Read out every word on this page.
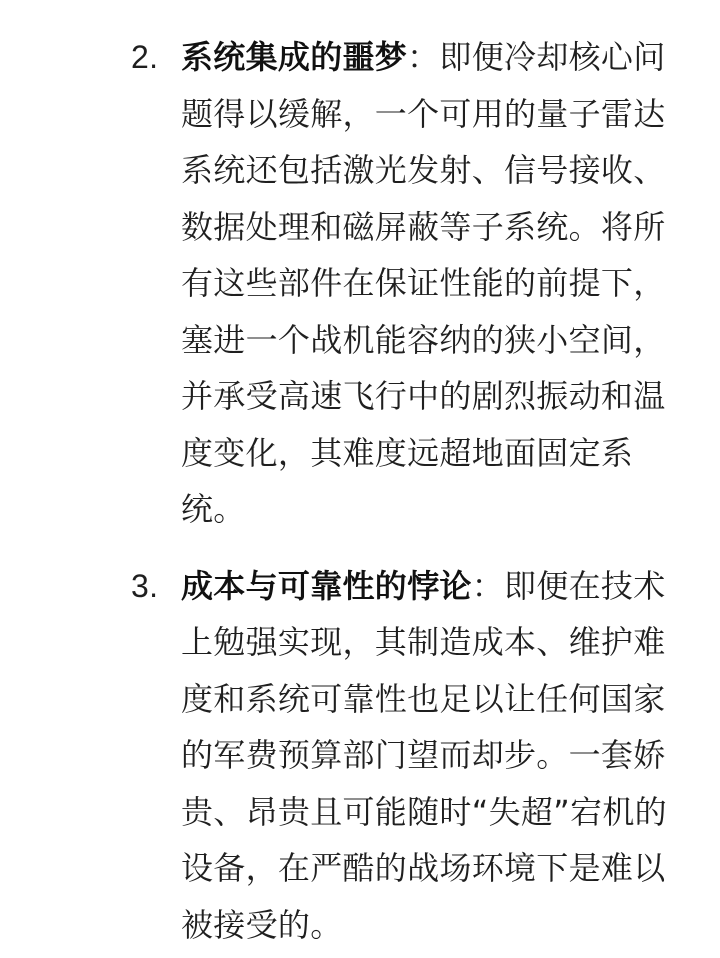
2. 系统集成的噩梦：即便冷却核心问题得以缓解，一个可用的量子雷达系统还包括激光发射、信号接收、数据处理和磁屏蔽等子系统。将所有这些部件在保证性能的前提下，塞进一个战机能容纳的狭小空间，并承受高速飞行中的剧烈振动和温度变化，其难度远超地面固定系统。
3. 成本与可靠性的悖论：即便在技术上勉强实现，其制造成本、维护难度和系统可靠性也足以让任何国家的军费预算部门望而却步。一套娇贵、昂贵且可能随时“失超”宕机的设备，在严酷的战场环境下是难以被接受的。
